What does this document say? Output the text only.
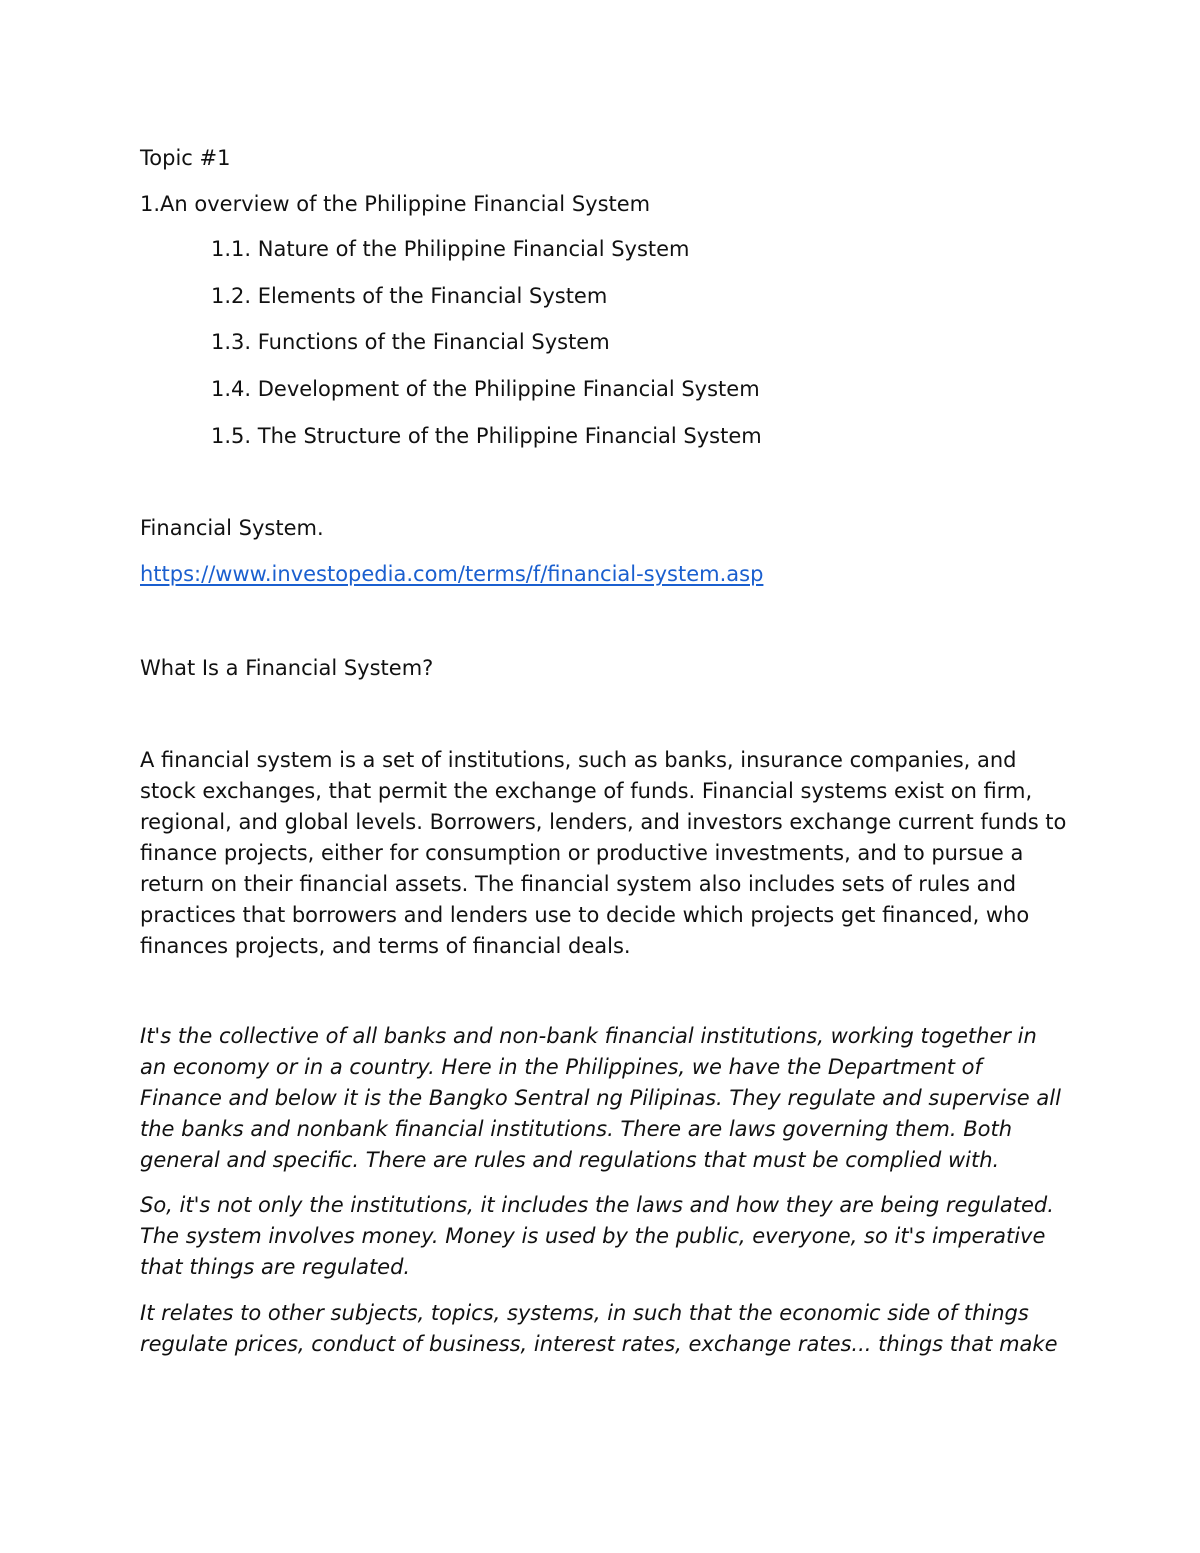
Topic #1

1.An overview of the Philippine Financial System

1.1. Nature of the Philippine Financial System

1.2. Elements of the Financial System

1.3. Functions of the Financial System

1.4. Development of the Philippine Financial System

1.5. The Structure of the Philippine Financial System

Financial System.

https://www.investopedia.com/terms/f/financial-system.asp

What Is a Financial System?

A financial system is a set of institutions, such as banks, insurance companies, and
stock exchanges, that permit the exchange of funds. Financial systems exist on firm,
regional, and global levels. Borrowers, lenders, and investors exchange current funds to
finance projects, either for consumption or productive investments, and to pursue a
return on their financial assets. The financial system also includes sets of rules and
practices that borrowers and lenders use to decide which projects get financed, who
finances projects, and terms of financial deals.
It's the collective of all banks and non-bank financial institutions, working together in
an economy or in a country. Here in the Philippines, we have the Department of
Finance and below it is the Bangko Sentral ng Pilipinas. They regulate and supervise all
the banks and nonbank financial institutions. There are laws governing them. Both
general and specific. There are rules and regulations that must be complied with.
So, it's not only the institutions, it includes the laws and how they are being regulated.
The system involves money. Money is used by the public, everyone, so it's imperative
that things are regulated.
It relates to other subjects, topics, systems, in such that the economic side of things
regulate prices, conduct of business, interest rates, exchange rates... things that make
